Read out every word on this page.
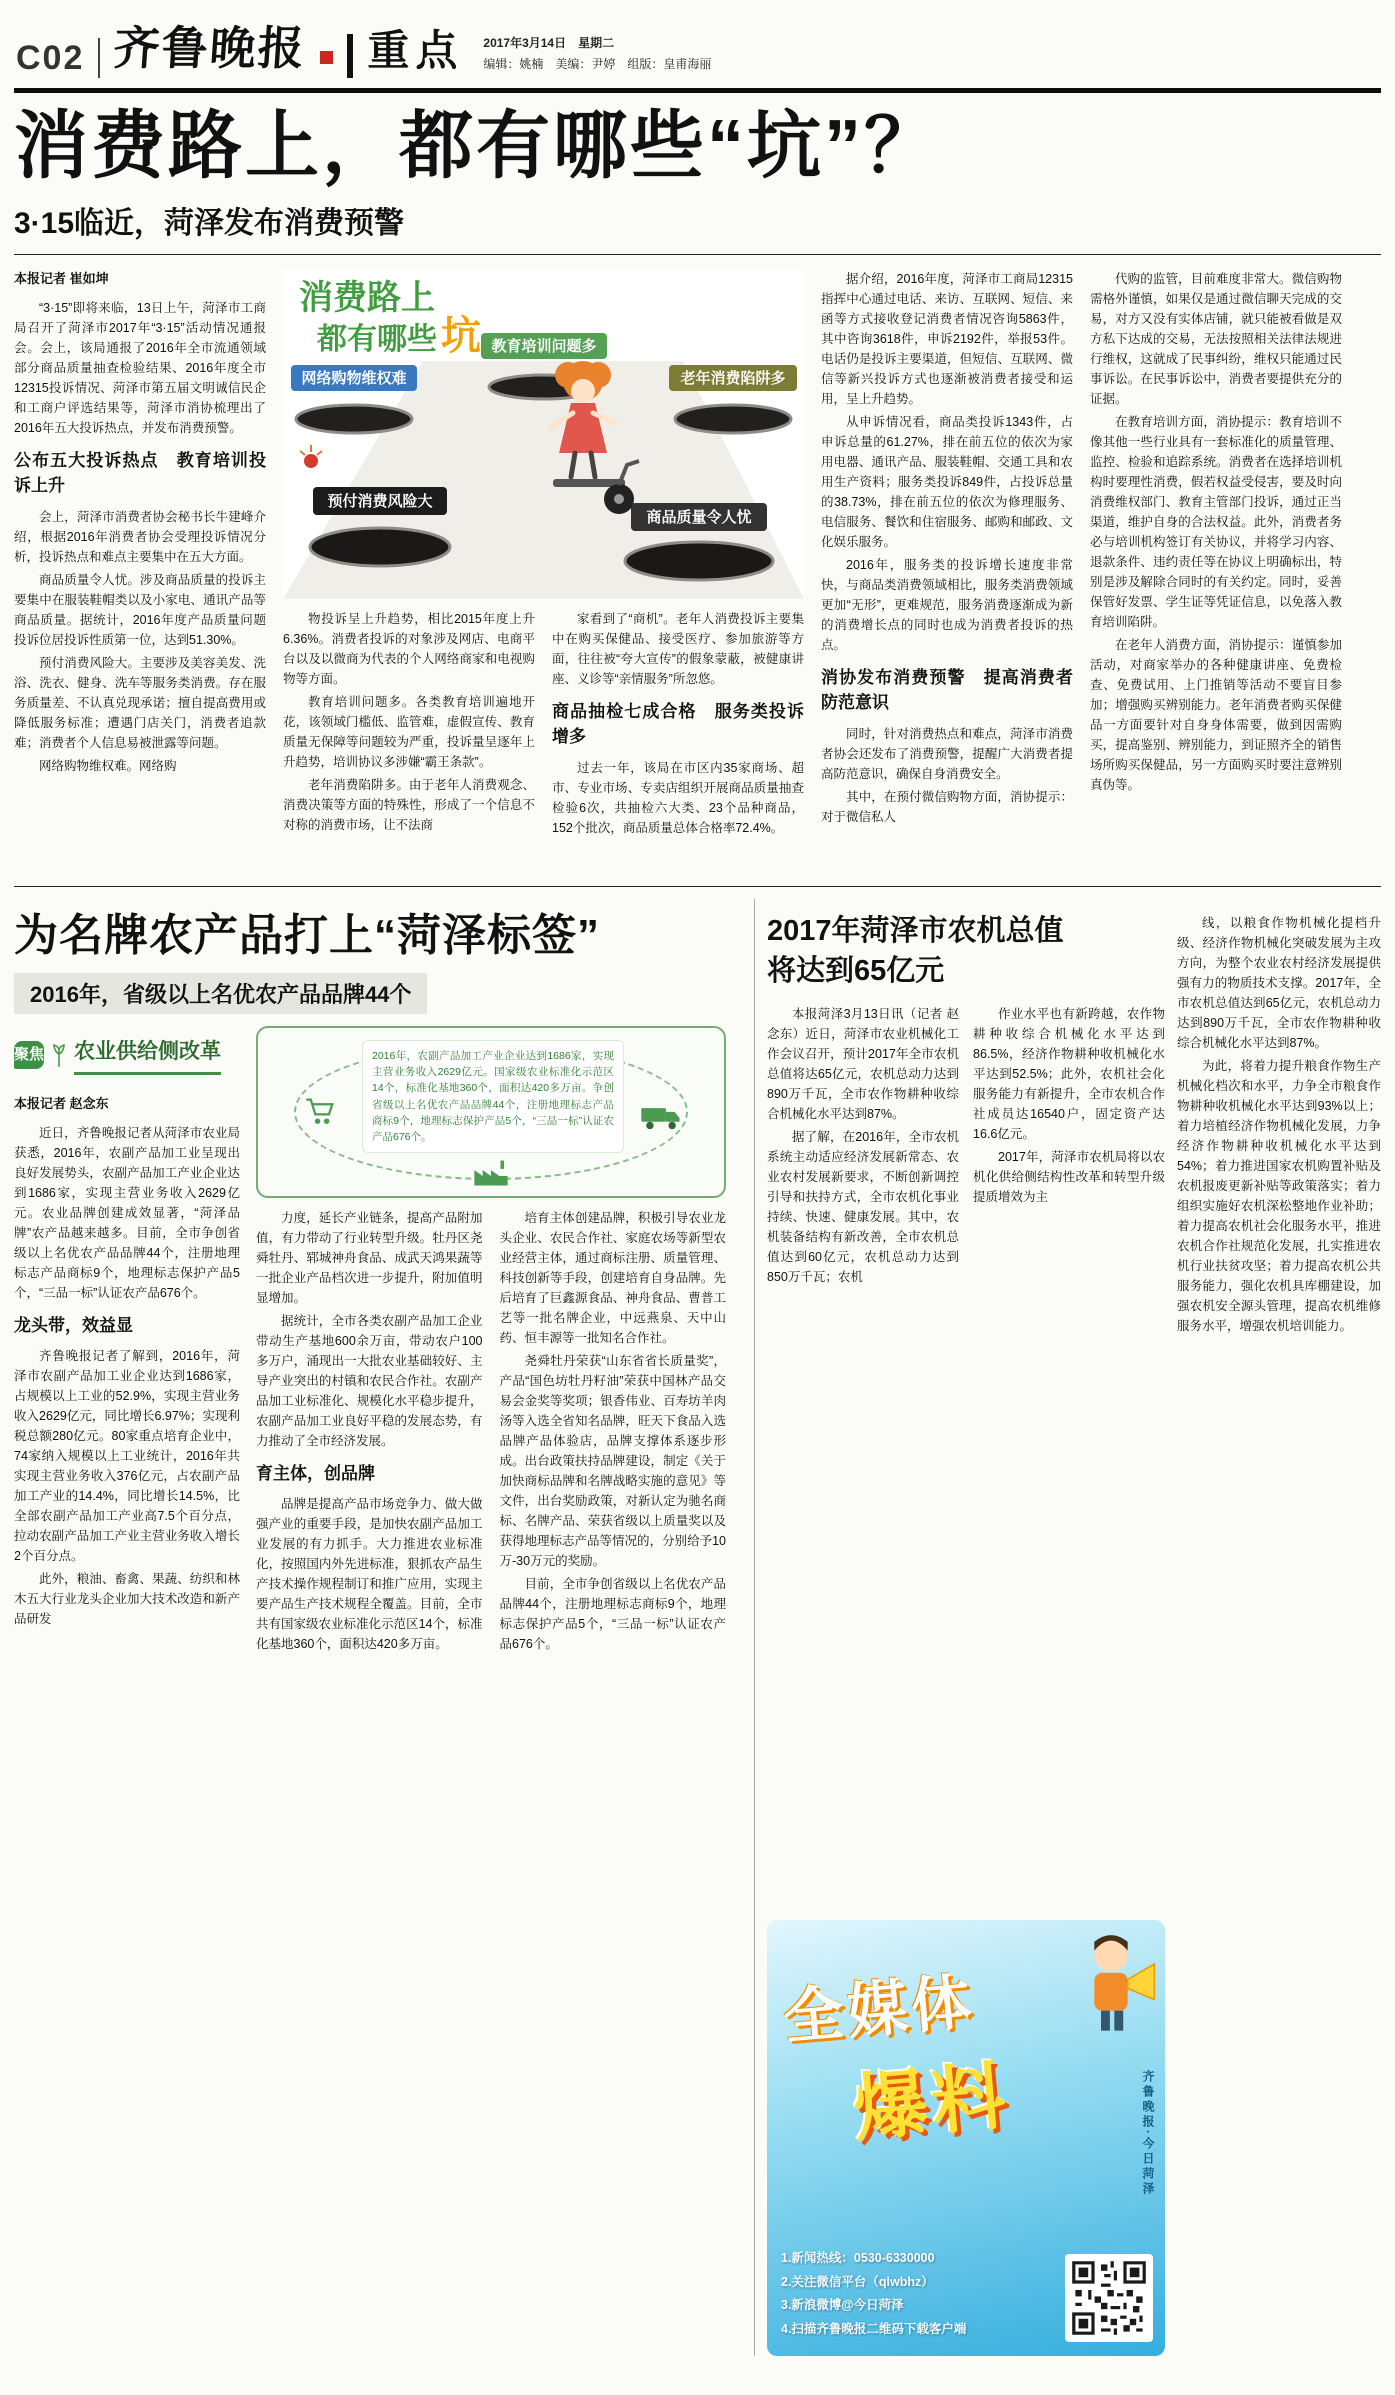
C02 齐鲁晚报 重点 2017年3月14日　星期二
编辑：姚楠　美编：尹婷　组版：皇甫海丽
消费路上，都有哪些“坑”？
3·15临近，菏泽发布消费预警
本报记者 崔如坤

“3·15”即将来临，13日上午，菏泽市工商局召开了菏泽市2017年“3·15”活动情况通报会。会上，该局通报了2016年全市流通领域部分商品质量抽查检验结果、2016年度全市12315投诉情况、菏泽市第五届文明诚信民企和工商户评选结果等，菏泽市消协梳理出了2016年五大投诉热点，并发布消费预警。

公布五大投诉热点　教育培训投诉上升

会上，菏泽市消费者协会秘书长牛建峰介绍，根据2016年消费者协会受理投诉情况分析，投诉热点和难点主要集中在五大方面。

商品质量令人忧。涉及商品质量的投诉主要集中在服装鞋帽类以及小家电、通讯产品等商品质量。据统计，2016年度产品质量问题投诉位居投诉性质第一位，达到51.30%。

预付消费风险大。主要涉及美容美发、洗浴、洗衣、健身、洗车等服务类消费。存在服务质量差、不认真兑现承诺；擅自提高费用或降低服务标准；遭遇门店关门，消费者追款难；消费者个人信息易被泄露等问题。

网络购物维权难。网络购

消费路上
都有哪些 坑
网络购物维权难
教育培训问题多
老年消费陷阱多
预付消费风险大
商品质量令人忧

物投诉呈上升趋势，相比2015年度上升6.36%。消费者投诉的对象涉及网店、电商平台以及以微商为代表的个人网络商家和电视购物等方面。

教育培训问题多。各类教育培训遍地开花，该领域门槛低、监管难，虚假宣传、教育质量无保障等问题较为严重，投诉量呈逐年上升趋势，培训协议多涉嫌“霸王条款”。

老年消费陷阱多。由于老年人消费观念、消费决策等方面的特殊性，形成了一个信息不对称的消费市场，让不法商

家看到了“商机”。老年人消费投诉主要集中在购买保健品、接受医疗、参加旅游等方面，往往被“夸大宣传”的假象蒙蔽，被健康讲座、义诊等“亲情服务”所忽悠。

商品抽检七成合格　服务类投诉增多

过去一年，该局在市区内35家商场、超市、专业市场、专卖店组织开展商品质量抽查检验6次，共抽检六大类、23个品种商品，152个批次，商品质量总体合格率72.4%。

据介绍，2016年度，菏泽市工商局12315指挥中心通过电话、来访、互联网、短信、来函等方式接收登记消费者情况咨询5863件，其中咨询3618件，申诉2192件，举报53件。电话仍是投诉主要渠道，但短信、互联网、微信等新兴投诉方式也逐渐被消费者接受和运用，呈上升趋势。

从申诉情况看，商品类投诉1343件，占申诉总量的61.27%，排在前五位的依次为家用电器、通讯产品、服装鞋帽、交通工具和农用生产资料；服务类投诉849件，占投诉总量的38.73%，排在前五位的依次为修理服务、电信服务、餐饮和住宿服务、邮购和邮政、文化娱乐服务。

2016年，服务类的投诉增长速度非常快，与商品类消费领域相比，服务类消费领域更加“无形”，更难规范，服务消费逐渐成为新的消费增长点的同时也成为消费者投诉的热点。

消协发布消费预警　提高消费者防范意识

同时，针对消费热点和难点，菏泽市消费者协会还发布了消费预警，提醒广大消费者提高防范意识，确保自身消费安全。

其中，在预付微信购物方面，消协提示：对于微信私人

代购的监管，目前难度非常大。微信购物需格外谨慎，如果仅是通过微信聊天完成的交易，对方又没有实体店铺，就只能被看做是双方私下达成的交易，无法按照相关法律法规进行维权，这就成了民事纠纷，维权只能通过民事诉讼。在民事诉讼中，消费者要提供充分的证据。

在教育培训方面，消协提示：教育培训不像其他一些行业具有一套标准化的质量管理、监控、检验和追踪系统。消费者在选择培训机构时要理性消费，假若权益受侵害，要及时向消费维权部门、教育主管部门投诉，通过正当渠道，维护自身的合法权益。此外，消费者务必与培训机构签订有关协议，并将学习内容、退款条件、违约责任等在协议上明确标出，特别是涉及解除合同时的有关约定。同时，妥善保管好发票、学生证等凭证信息，以免落入教育培训陷阱。

在老年人消费方面，消协提示：谨慎参加活动，对商家举办的各种健康讲座、免费检查、免费试用、上门推销等活动不要盲目参加；增强购买辨别能力。老年消费者购买保健品一方面要针对自身身体需要，做到因需购买，提高鉴别、辨别能力，到证照齐全的销售场所购买保健品，另一方面购买时要注意辨别真伪等。

为名牌农产品打上“菏泽标签”
2016年，省级以上名优农产品品牌44个
聚焦 农业供给侧改革
本报记者 赵念东

近日，齐鲁晚报记者从菏泽市农业局获悉，2016年，农副产品加工业呈现出良好发展势头，农副产品加工产业企业达到1686家，实现主营业务收入2629亿元。农业品牌创建成效显著，“菏泽品牌”农产品越来越多。目前，全市争创省级以上名优农产品品牌44个，注册地理标志产品商标9个，地理标志保护产品5个，“三品一标”认证农产品676个。

龙头带，效益显

齐鲁晚报记者了解到，2016年，菏泽市农副产品加工业企业达到1686家，占规模以上工业的52.9%，实现主营业务收入2629亿元，同比增长6.97%；实现利税总额280亿元。80家重点培育企业中，74家纳入规模以上工业统计，2016年共实现主营业务收入376亿元，占农副产品加工产业的14.4%，同比增长14.5%，比全部农副产品加工产业高7.5个百分点，拉动农副产品加工产业主营业务收入增长2个百分点。

此外，粮油、畜禽、果蔬、纺织和林木五大行业龙头企业加大技术改造和新产品研发

2016年，农副产品加工产业企业达到1686家，实现主营业务收入2629亿元。国家级农业标准化示范区14个，标准化基地360个，面积达420多万亩。争创省级以上名优农产品品牌44个，注册地理标志产品商标9个，地理标志保护产品5个，“三品一标”认证农产品676个。

力度，延长产业链条，提高产品附加值，有力带动了行业转型升级。牡丹区尧舜牡丹、郓城神舟食品、成武天鸿果蔬等一批企业产品档次进一步提升，附加值明显增加。

据统计，全市各类农副产品加工企业带动生产基地600余万亩，带动农户100多万户，涌现出一大批农业基础较好、主导产业突出的村镇和农民合作社。农副产品加工业标准化、规模化水平稳步提升，农副产品加工业良好平稳的发展态势，有力推动了全市经济发展。

育主体，创品牌

品牌是提高产品市场竞争力、做大做强产业的重要手段，是加快农副产品加工业发展的有力抓手。大力推进农业标准化，按照国内外先进标准，狠抓农产品生产技术操作规程制订和推广应用，实现主要产品生产技术规程全覆盖。目前，全市共有国家级农业标准化示范区14个，标准化基地360个，面积达420多万亩。

培育主体创建品牌，积极引导农业龙头企业、农民合作社、家庭农场等新型农业经营主体，通过商标注册、质量管理、科技创新等手段，创建培育自身品牌。先后培育了巨鑫源食品、神舟食品、曹普工艺等一批名牌企业，中远燕泉、天中山药、恒丰源等一批知名合作社。

尧舜牡丹荣获“山东省省长质量奖”，产品“国色坊牡丹籽油”荣获中国林产品交易会金奖等奖项；银香伟业、百寿坊羊肉汤等入选全省知名品牌，旺天下食品入选品牌产品体验店，品牌支撑体系逐步形成。出台政策扶持品牌建设，制定《关于加快商标品牌和名牌战略实施的意见》等文件，出台奖励政策，对新认定为驰名商标、名牌产品、荣获省级以上质量奖以及获得地理标志产品等情况的，分别给予10万-30万元的奖励。

目前，全市争创省级以上名优农产品品牌44个，注册地理标志商标9个，地理标志保护产品5个，“三品一标”认证农产品676个。

2017年菏泽市农机总值
将达到65亿元

本报菏泽3月13日讯（记者 赵念东）近日，菏泽市农业机械化工作会议召开，预计2017年全市农机总值将达65亿元，农机总动力达到890万千瓦，全市农作物耕种收综合机械化水平达到87%。

据了解，在2016年，全市农机系统主动适应经济发展新常态、农业农村发展新要求，不断创新调控引导和扶持方式，全市农机化事业持续、快速、健康发展。其中，农机装备结构有新改善，全市农机总值达到60亿元，农机总动力达到850万千瓦；农机

作业水平也有新跨越，农作物耕种收综合机械化水平达到86.5%，经济作物耕种收机械化水平达到52.5%；此外，农机社会化服务能力有新提升，全市农机合作社成员达16540户，固定资产达16.6亿元。

2017年，菏泽市农机局将以农机化供给侧结构性改革和转型升级提质增效为主

全媒体
爆料	齐鲁晚报·今日菏泽

1.新闻热线：0530-6330000

2.关注微信平台（qlwbhz）

3.新浪微博@今日菏泽

4.扫描齐鲁晚报二维码下载客户端

线，以粮食作物机械化提档升级、经济作物机械化突破发展为主攻方向，为整个农业农村经济发展提供强有力的物质技术支撑。2017年，全市农机总值达到65亿元，农机总动力达到890万千瓦，全市农作物耕种收综合机械化水平达到87%。

为此，将着力提升粮食作物生产机械化档次和水平，力争全市粮食作物耕种收机械化水平达到93%以上；着力培植经济作物机械化发展，力争经济作物耕种收机械化水平达到54%；着力推进国家农机购置补贴及农机报废更新补贴等政策落实；着力组织实施好农机深松整地作业补助；着力提高农机社会化服务水平，推进农机合作社规范化发展，扎实推进农机行业扶贫攻坚；着力提高农机公共服务能力，强化农机具库棚建设，加强农机安全源头管理，提高农机维修服务水平，增强农机培训能力。
